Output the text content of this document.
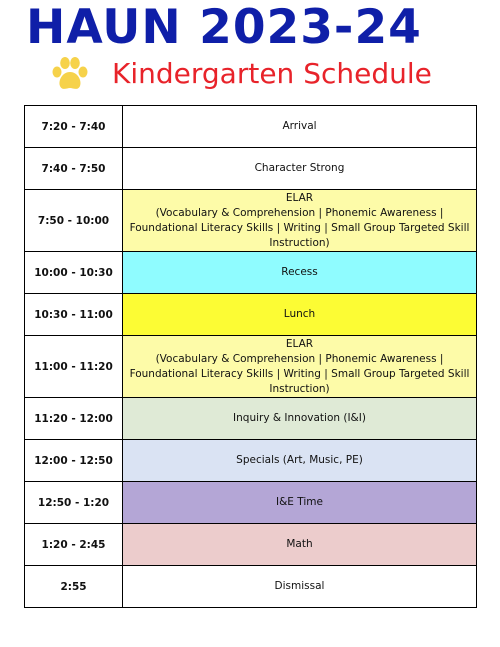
HAUN 2023-24
Kindergarten Schedule
7:20 - 7:40	Arrival
7:40 - 7:50	Character Strong
7:50 - 10:00	ELAR
(Vocabulary & Comprehension | Phonemic Awareness | Foundational Literacy Skills | Writing | Small Group Targeted Skill Instruction)

10:00 - 10:30	Recess
10:30 - 11:00	Lunch
11:00 - 11:20	ELAR
(Vocabulary & Comprehension | Phonemic Awareness | Foundational Literacy Skills | Writing | Small Group Targeted Skill Instruction)

11:20 - 12:00	Inquiry & Innovation (I&I)
12:00 - 12:50	Specials (Art, Music, PE)
12:50 - 1:20	I&E Time
1:20 - 2:45	Math
2:55	Dismissal
